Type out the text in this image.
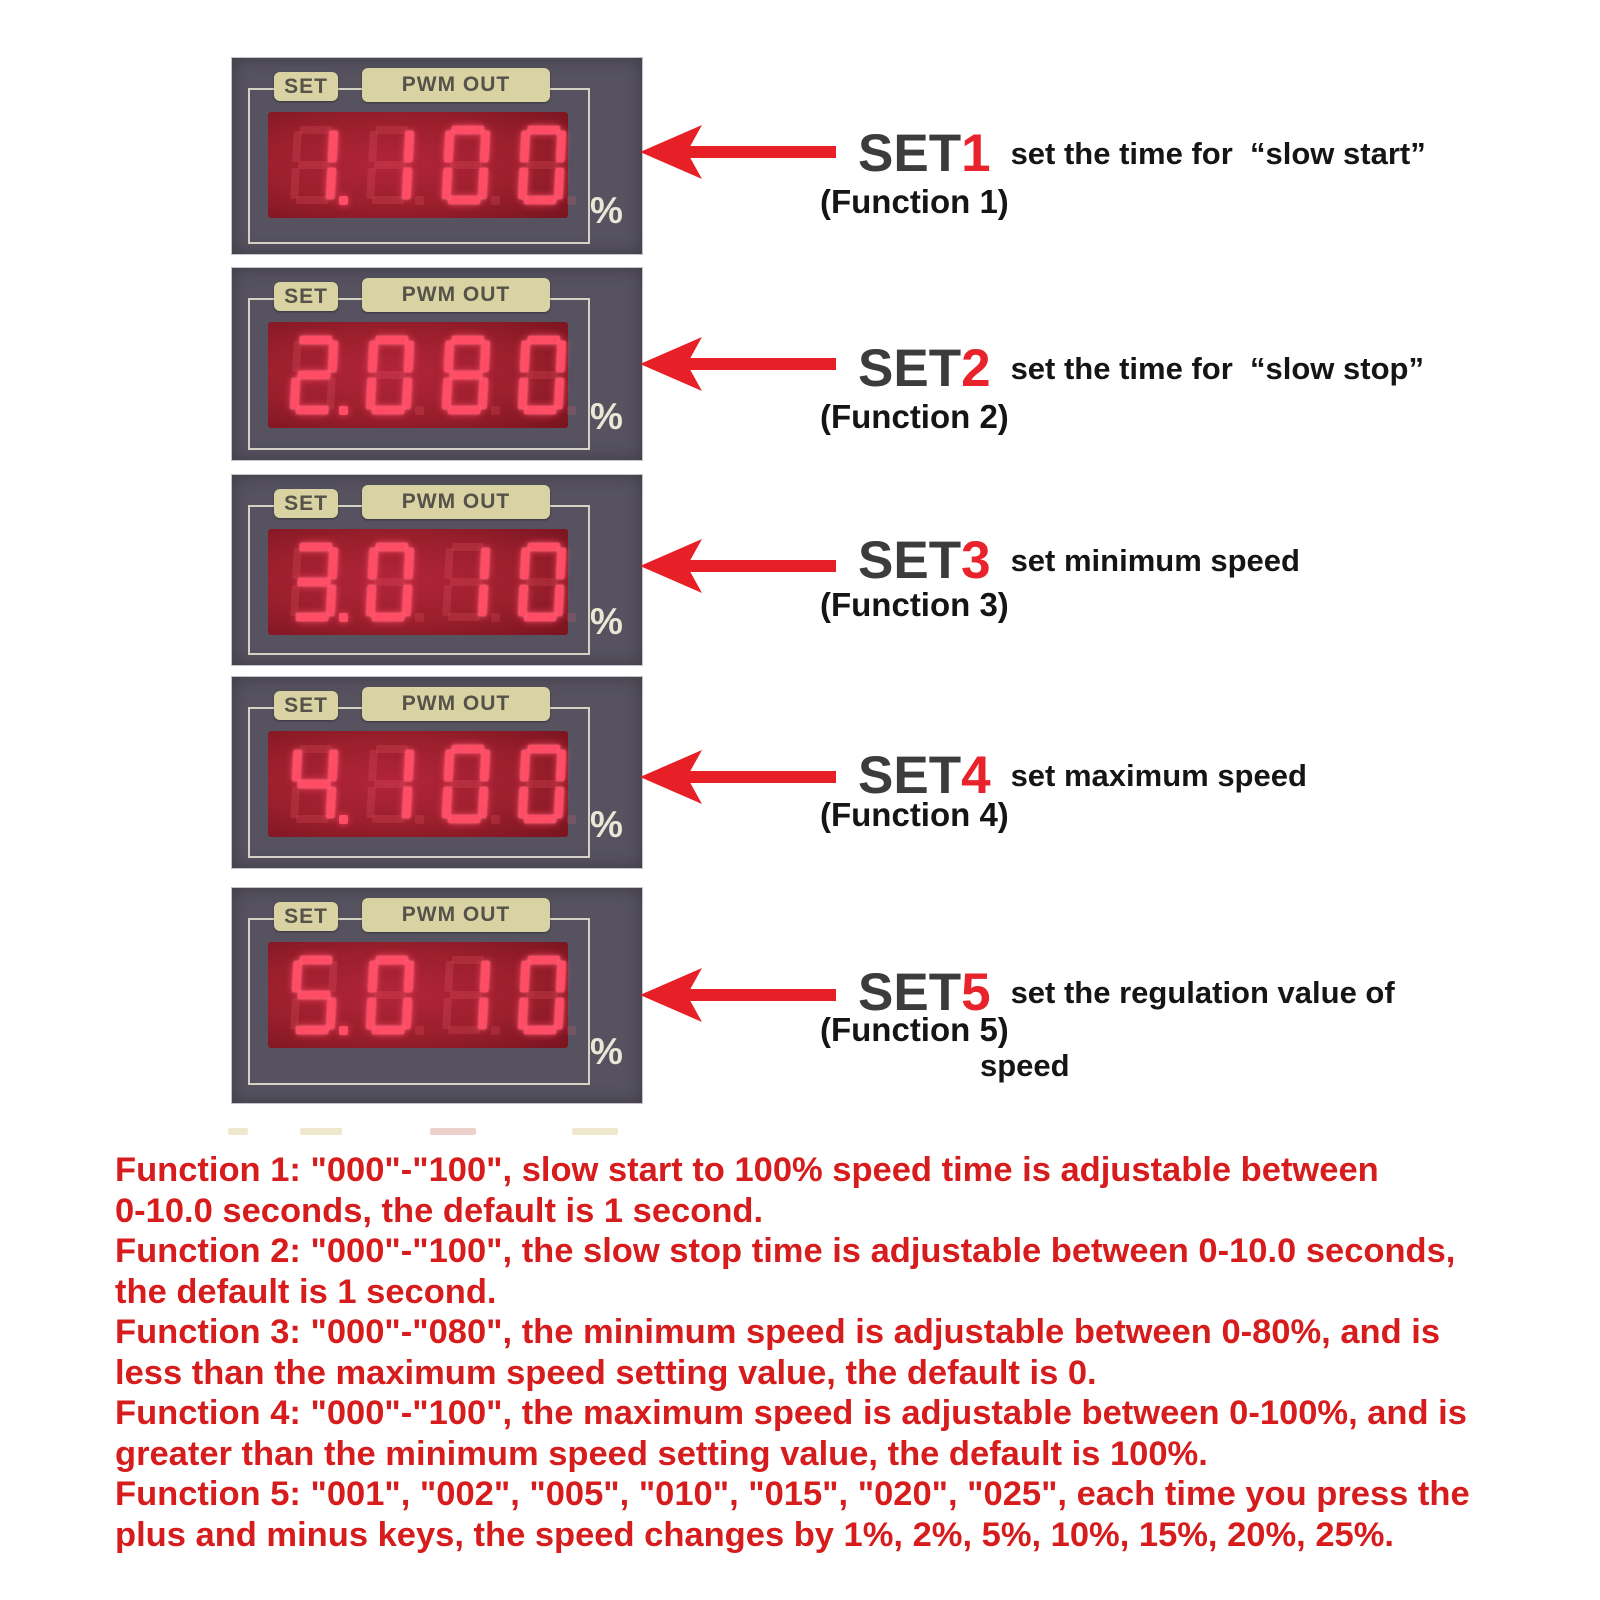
SET	PWM OUT
%
SET	PWM OUT
%
SET	PWM OUT
%
SET	PWM OUT
%
SET	PWM OUT
%
SET1 set the time for  “slow start”
(Function 1)
SET2 set the time for  “slow stop”
(Function 2)
SET3 set minimum speed
(Function 3)
SET4 set maximum speed
(Function 4)
SET5 set the regulation value of
(Function 5)
speed
Function 1: "000"-"100", slow start to 100% speed time is adjustable between
0-10.0 seconds, the default is 1 second.
Function 2: "000"-"100", the slow stop time is adjustable between 0-10.0 seconds,
the default is 1 second.
Function 3: "000"-"080", the minimum speed is adjustable between 0-80%, and is
less than the maximum speed setting value, the default is 0.
Function 4: "000"-"100", the maximum speed is adjustable between 0-100%, and is
greater than the minimum speed setting value, the default is 100%.
Function 5: "001", "002", "005", "010", "015", "020", "025", each time you press the
plus and minus keys, the speed changes by 1%, 2%, 5%, 10%, 15%, 20%, 25%.
